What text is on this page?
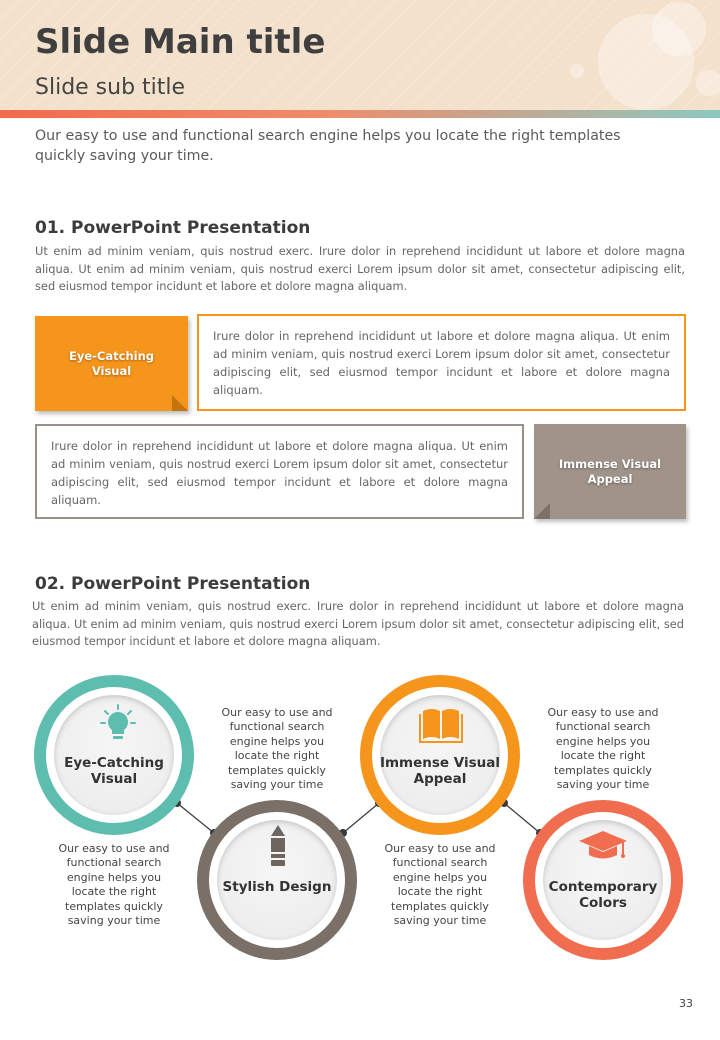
Slide Main title
Slide sub title
Our easy to use and functional search engine helps you locate the right templates quickly saving your time.
01. PowerPoint Presentation
Ut enim ad minim veniam, quis nostrud exerc. Irure dolor in reprehend incididunt ut labore et dolore magna aliqua. Ut enim ad minim veniam, quis nostrud exerci Lorem ipsum dolor sit amet, consectetur adipiscing elit, sed eiusmod tempor incidunt et labore et dolore magna aliquam.
Eye-Catching Visual
Irure dolor in reprehend incididunt ut labore et dolore magna aliqua. Ut enim ad minim veniam, quis nostrud exerci Lorem ipsum dolor sit amet, consectetur adipiscing elit, sed eiusmod tempor incidunt et labore et dolore magna aliquam.
Irure dolor in reprehend incididunt ut labore et dolore magna aliqua. Ut enim ad minim veniam, quis nostrud exerci Lorem ipsum dolor sit amet, consectetur adipiscing elit, sed eiusmod tempor incidunt et labore et dolore magna aliquam.
Immense Visual Appeal
02. PowerPoint Presentation
Ut enim ad minim veniam, quis nostrud exerc. Irure dolor in reprehend incididunt ut labore et dolore magna aliqua. Ut enim ad minim veniam, quis nostrud exerci Lorem ipsum dolor sit amet, consectetur adipiscing elit, sed eiusmod tempor incidunt et labore et dolore magna aliquam.
Eye-Catching Visual
Our easy to use and functional search engine helps you locate the right templates quickly saving your time
Stylish Design
Our easy to use and functional search engine helps you locate the right templates quickly saving your time
Immense Visual Appeal
Our easy to use and functional search engine helps you locate the right templates quickly saving your time
Contemporary Colors
Our easy to use and functional search engine helps you locate the right templates quickly saving your time
33
